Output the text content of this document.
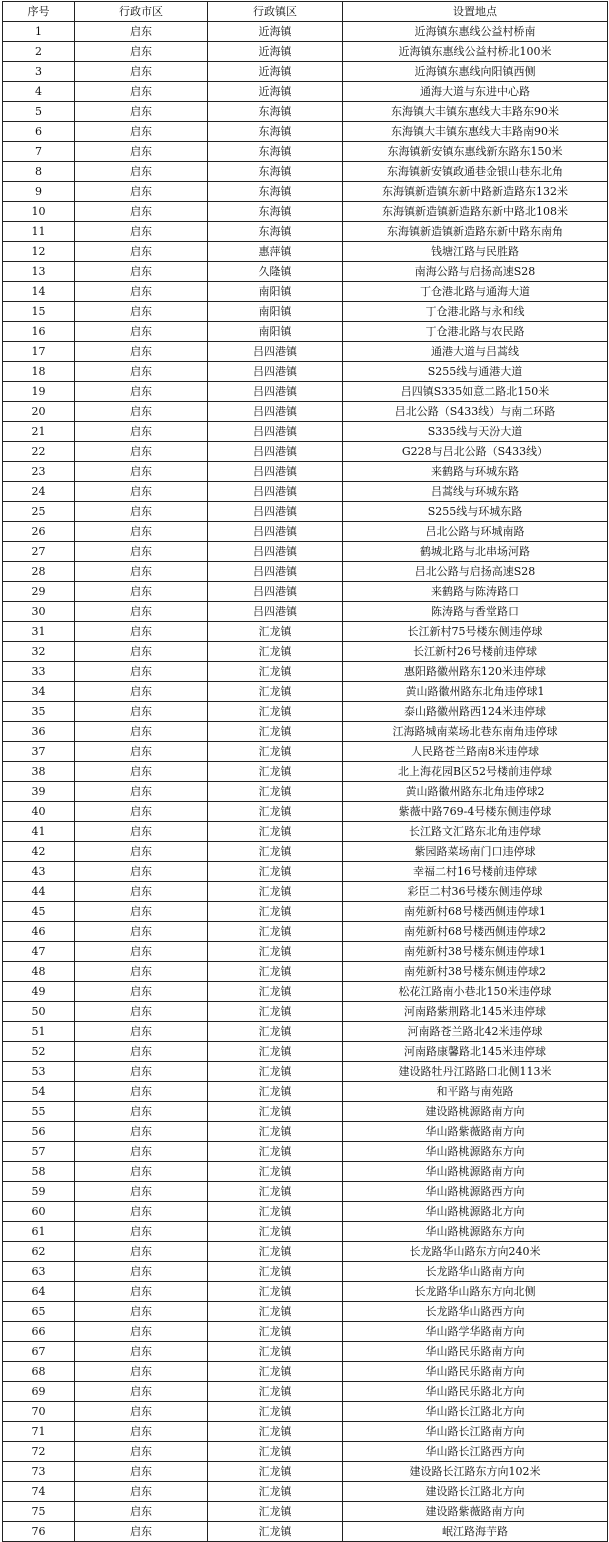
序号	行政市区	行政镇区	设置地点
1	启东	近海镇	近海镇东惠线公益村桥南
2	启东	近海镇	近海镇东惠线公益村桥北100米
3	启东	近海镇	近海镇东惠线向阳镇西侧
4	启东	近海镇	通海大道与东进中心路
5	启东	东海镇	东海镇大丰镇东惠线大丰路东90米
6	启东	东海镇	东海镇大丰镇东惠线大丰路南90米
7	启东	东海镇	东海镇新安镇东惠线新东路东150米
8	启东	东海镇	东海镇新安镇政通巷金银山巷东北角
9	启东	东海镇	东海镇新造镇东新中路新造路东132米
10	启东	东海镇	东海镇新造镇新造路东新中路北108米
11	启东	东海镇	东海镇新造镇新造路东新中路东南角
12	启东	惠萍镇	钱塘江路与民胜路
13	启东	久隆镇	南海公路与启扬高速S28
14	启东	南阳镇	丁仓港北路与通海大道
15	启东	南阳镇	丁仓港北路与永和线
16	启东	南阳镇	丁仓港北路与农民路
17	启东	吕四港镇	通港大道与吕蒿线
18	启东	吕四港镇	S255线与通港大道
19	启东	吕四港镇	吕四镇S335如意二路北150米
20	启东	吕四港镇	吕北公路（S433线）与南二环路
21	启东	吕四港镇	S335线与天汾大道
22	启东	吕四港镇	G228与吕北公路（S433线）
23	启东	吕四港镇	来鹤路与环城东路
24	启东	吕四港镇	吕蒿线与环城东路
25	启东	吕四港镇	S255线与环城东路
26	启东	吕四港镇	吕北公路与环城南路
27	启东	吕四港镇	鹤城北路与北串场河路
28	启东	吕四港镇	吕北公路与启扬高速S28
29	启东	吕四港镇	来鹤路与陈涛路口
30	启东	吕四港镇	陈涛路与香堂路口
31	启东	汇龙镇	长江新村75号楼东侧违停球
32	启东	汇龙镇	长江新村26号楼前违停球
33	启东	汇龙镇	惠阳路徽州路东120米违停球
34	启东	汇龙镇	黄山路徽州路东北角违停球1
35	启东	汇龙镇	泰山路徽州路西124米违停球
36	启东	汇龙镇	江海路城南菜场北巷东南角违停球
37	启东	汇龙镇	人民路苍兰路南8米违停球
38	启东	汇龙镇	北上海花园B区52号楼前违停球
39	启东	汇龙镇	黄山路徽州路东北角违停球2
40	启东	汇龙镇	紫薇中路769-4号楼东侧违停球
41	启东	汇龙镇	长江路文汇路东北角违停球
42	启东	汇龙镇	紫园路菜场南门口违停球
43	启东	汇龙镇	幸福二村16号楼前违停球
44	启东	汇龙镇	彩臣二村36号楼东侧违停球
45	启东	汇龙镇	南苑新村68号楼西侧违停球1
46	启东	汇龙镇	南苑新村68号楼西侧违停球2
47	启东	汇龙镇	南苑新村38号楼东侧违停球1
48	启东	汇龙镇	南苑新村38号楼东侧违停球2
49	启东	汇龙镇	松花江路南小巷北150米违停球
50	启东	汇龙镇	河南路紫荆路北145米违停球
51	启东	汇龙镇	河南路苍兰路北42米违停球
52	启东	汇龙镇	河南路康馨路北145米违停球
53	启东	汇龙镇	建设路牡丹江路路口北侧113米
54	启东	汇龙镇	和平路与南苑路
55	启东	汇龙镇	建设路桃源路南方向
56	启东	汇龙镇	华山路紫薇路南方向
57	启东	汇龙镇	华山路桃源路东方向
58	启东	汇龙镇	华山路桃源路南方向
59	启东	汇龙镇	华山路桃源路西方向
60	启东	汇龙镇	华山路桃源路北方向
61	启东	汇龙镇	华山路桃源路东方向
62	启东	汇龙镇	长龙路华山路东方向240米
63	启东	汇龙镇	长龙路华山路南方向
64	启东	汇龙镇	长龙路华山路东方向北侧
65	启东	汇龙镇	长龙路华山路西方向
66	启东	汇龙镇	华山路学华路南方向
67	启东	汇龙镇	华山路民乐路南方向
68	启东	汇龙镇	华山路民乐路南方向
69	启东	汇龙镇	华山路民乐路北方向
70	启东	汇龙镇	华山路长江路北方向
71	启东	汇龙镇	华山路长江路南方向
72	启东	汇龙镇	华山路长江路西方向
73	启东	汇龙镇	建设路长江路东方向102米
74	启东	汇龙镇	建设路长江路北方向
75	启东	汇龙镇	建设路紫薇路南方向
76	启东	汇龙镇	岷江路海芋路
